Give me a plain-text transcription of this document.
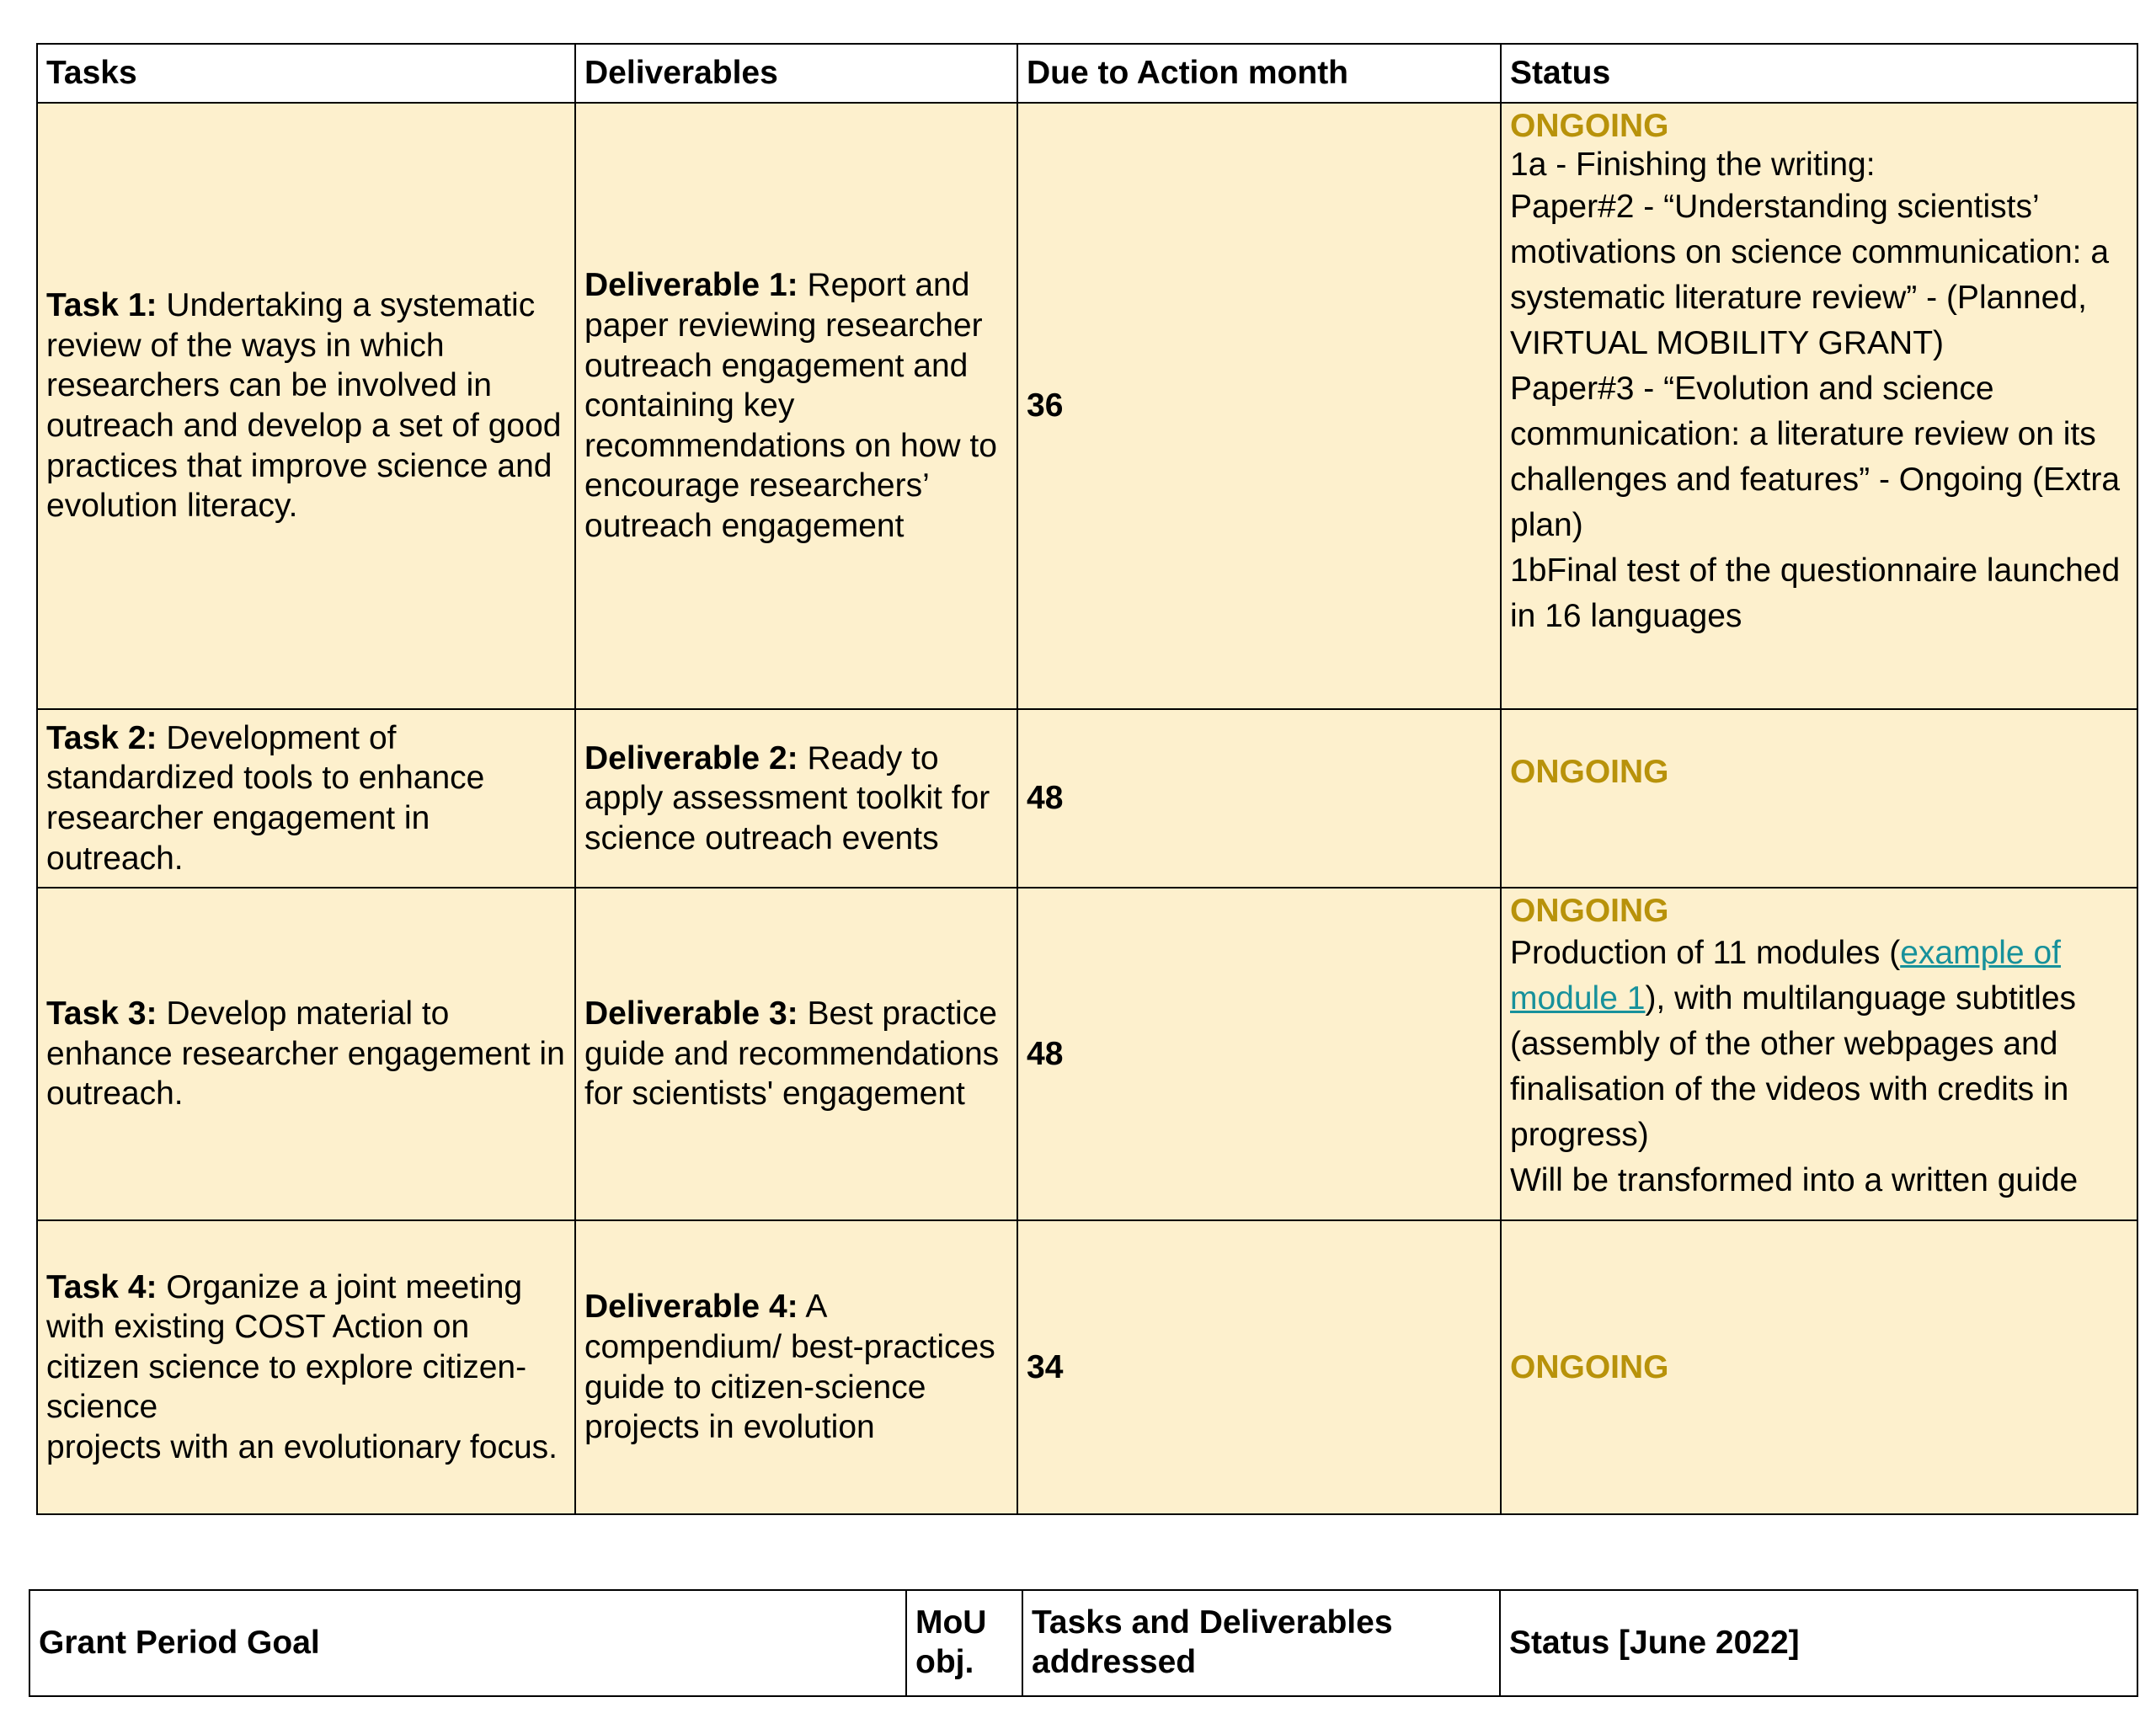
Tasks	Deliverables	Due to Action month	Status
Task 1: Undertaking a systematic review of the ways in which researchers can be involved in outreach and develop a set of good practices that improve science and evolution literacy.	Deliverable 1: Report and paper reviewing researcher outreach engagement and containing key recommendations on how to encourage researchers’ outreach engagement	36	ONGOING
1a - Finishing the writing:
Paper#2 - “Understanding scientists’ motivations on science communication: a systematic literature review” - (Planned, VIRTUAL MOBILITY GRANT)
Paper#3 - “Evolution and science communication: a literature review on its challenges and features” - Ongoing (Extra plan)
1bFinal test of the questionnaire launched in 16 languages

Task 2: Development of standardized tools to enhance researcher engagement in outreach.	Deliverable 2: Ready to apply assessment toolkit for science outreach events	48	ONGOING

Task 3: Develop material to enhance researcher engagement in outreach.	Deliverable 3: Best practice guide and recommendations for scientists' engagement	48	ONGOING
Production of 11 modules (example of module 1), with multilanguage subtitles (assembly of the other webpages and finalisation of the videos with credits in progress)
Will be transformed into a written guide

Task 4: Organize a joint meeting with existing COST Action on citizen science to explore citizen-science
projects with an evolutionary focus.	Deliverable 4: A compendium/ best-practices guide to citizen-science projects in evolution	34	ONGOING
Grant Period Goal	MoU obj.	Tasks and Deliverables addressed	Status [June 2022]
